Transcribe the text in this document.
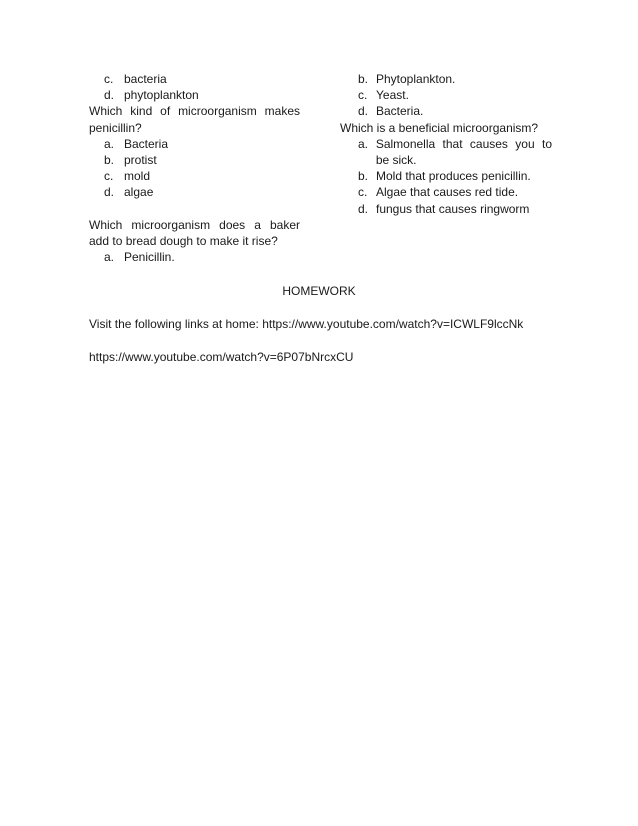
c. bacteria
d. phytoplankton
Which kind of microorganism makes penicillin?
a. Bacteria
b. protist
c. mold
d. algae
Which microorganism does a baker add to bread dough to make it rise?
a. Penicillin.
b. Phytoplankton.
c. Yeast.
d. Bacteria.
Which is a beneficial microorganism?
a. Salmonella that causes you to be sick.
b. Mold that produces penicillin.
c. Algae that causes red tide.
d. fungus that causes ringworm
HOMEWORK
Visit the following links at home: https://www.youtube.com/watch?v=ICWLF9lccNk
https://www.youtube.com/watch?v=6P07bNrcxCU
